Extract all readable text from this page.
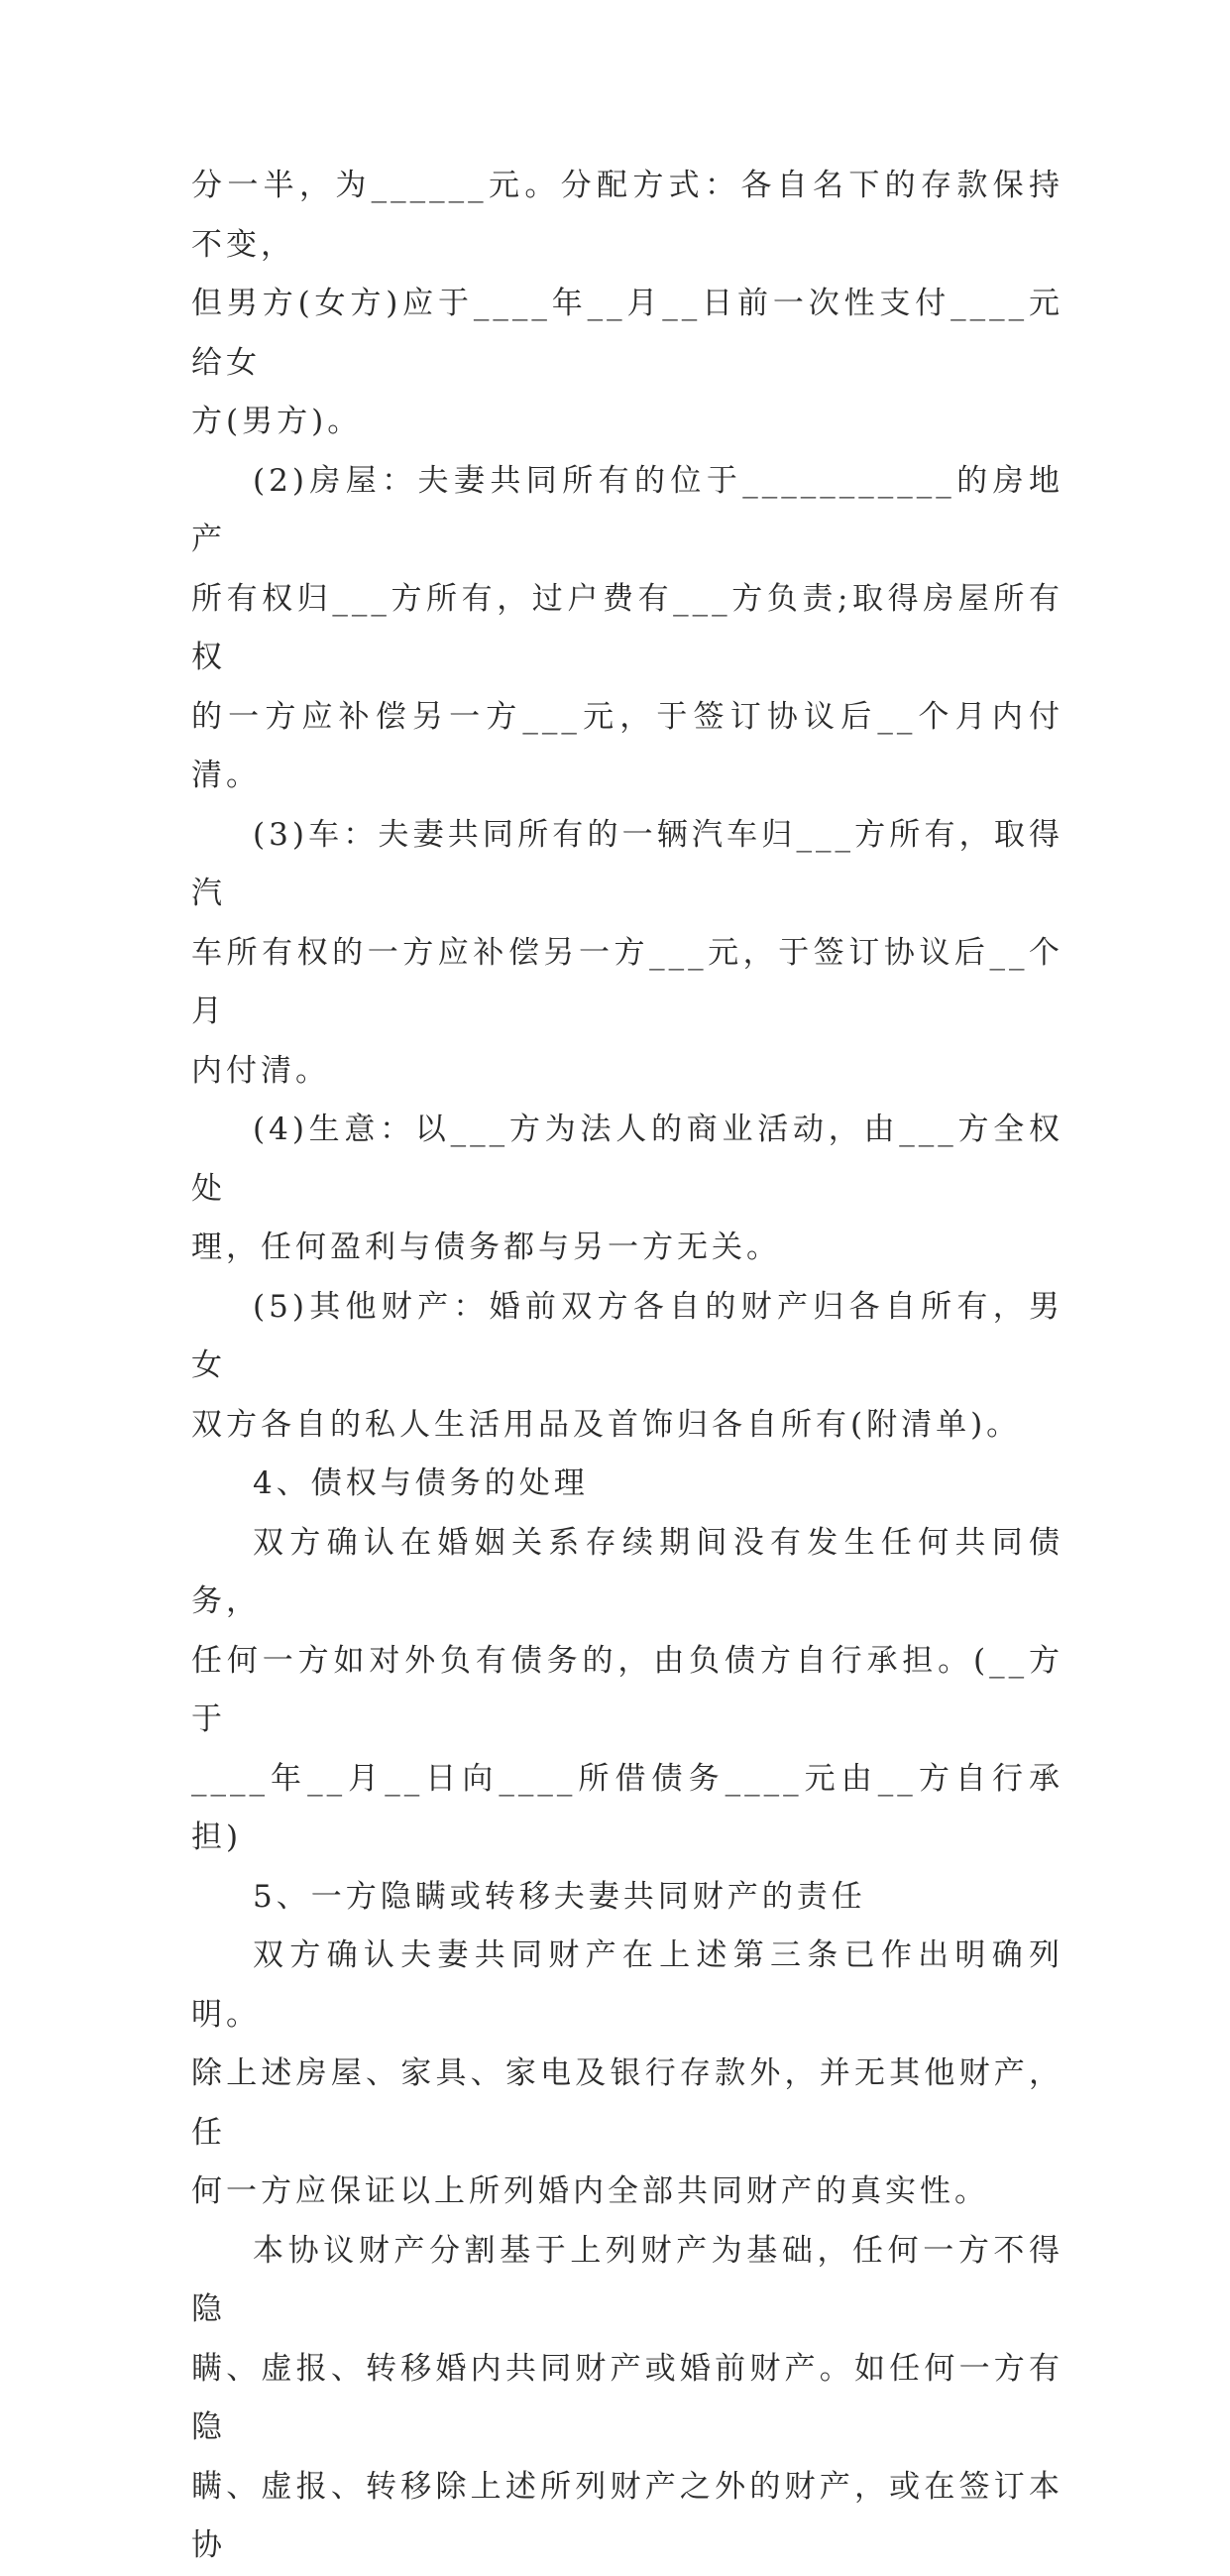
分一半，为______元。分配方式：各自名下的存款保持不变，
但男方(女方)应于____年__月__日前一次性支付____元给女
方(男方)。

(2)房屋：夫妻共同所有的位于___________的房地产
所有权归___方所有，过户费有___方负责;取得房屋所有权
的一方应补偿另一方___元，于签订协议后__个月内付清。

(3)车：夫妻共同所有的一辆汽车归___方所有，取得汽
车所有权的一方应补偿另一方___元，于签订协议后__个月
内付清。

(4)生意：以___方为法人的商业活动，由___方全权处
理，任何盈利与债务都与另一方无关。

(5)其他财产：婚前双方各自的财产归各自所有，男女
双方各自的私人生活用品及首饰归各自所有(附清单)。

4、债权与债务的处理

双方确认在婚姻关系存续期间没有发生任何共同债务，
任何一方如对外负有债务的，由负债方自行承担。(__方于
____年__月__日向____所借债务____元由__方自行承担)

5、一方隐瞒或转移夫妻共同财产的责任

双方确认夫妻共同财产在上述第三条已作出明确列明。
除上述房屋、家具、家电及银行存款外，并无其他财产，任
何一方应保证以上所列婚内全部共同财产的真实性。

本协议财产分割基于上列财产为基础，任何一方不得隐
瞒、虚报、转移婚内共同财产或婚前财产。如任何一方有隐
瞒、虚报、转移除上述所列财产之外的财产，或在签订本协
